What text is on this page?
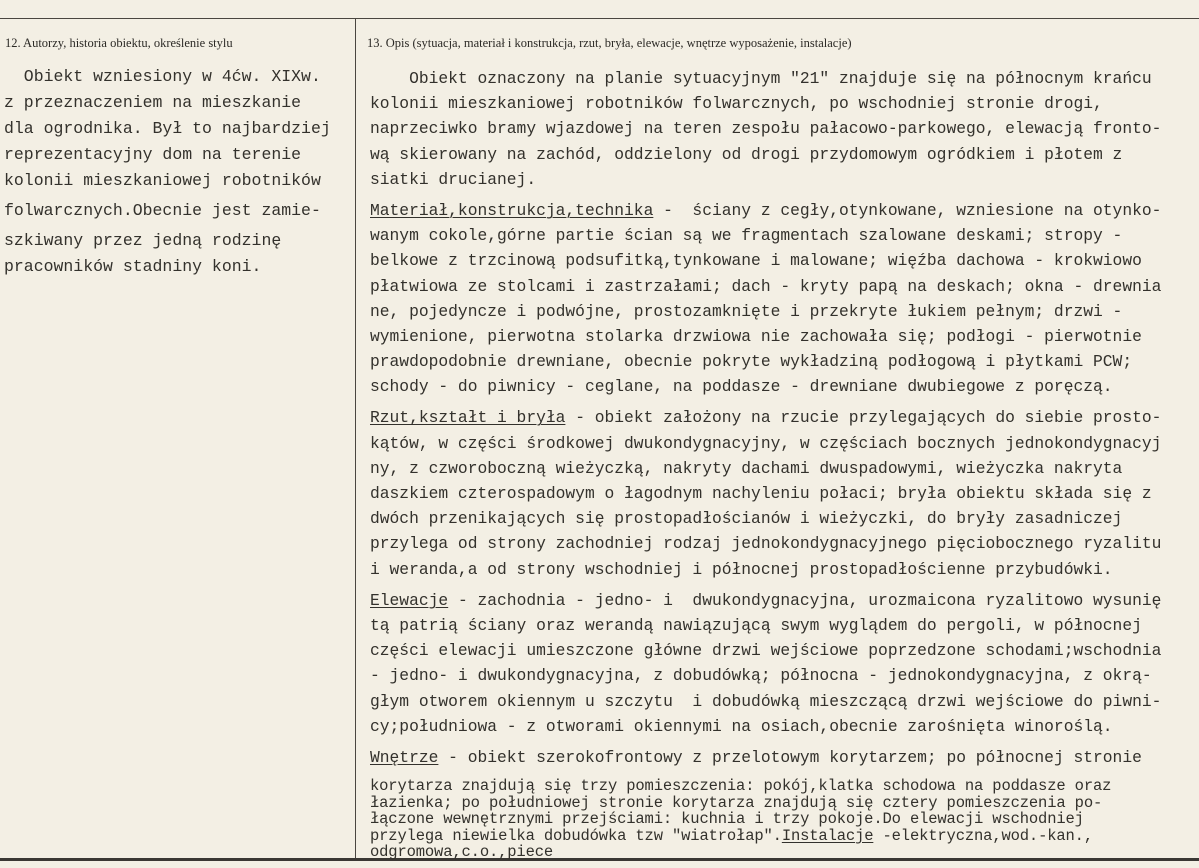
12. Autorzy, historia obiektu, określenie stylu	13. Opis (sytuacja, materiał i konstrukcja, rzut, bryła, elewacje, wnętrze wyposażenie, instalacje)
Obiekt wzniesiony w 4ćw. XIXw.
z przeznaczeniem na mieszkanie
dla ogrodnika. Był to najbardziej
reprezentacyjny dom na terenie
kolonii mieszkaniowej robotników
folwarcznych.Obecnie jest zamie-
szkiwany przez jedną rodzinę
pracowników stadniny koni.
Obiekt oznaczony na planie sytuacyjnym "21" znajduje się na północnym krańcu
kolonii mieszkaniowej robotników folwarcznych, po wschodniej stronie drogi,
naprzeciwko bramy wjazdowej na teren zespołu pałacowo-parkowego, elewacją fronto-
wą skierowany na zachód, oddzielony od drogi przydomowym ogródkiem i płotem z
siatki drucianej.
Materiał,konstrukcja,technika -  ściany z cegły,otynkowane, wzniesione na otynko-
wanym cokole,górne partie ścian są we fragmentach szalowane deskami; stropy -
belkowe z trzcinową podsufitką,tynkowane i malowane; więźba dachowa - krokwiowo
płatwiowa ze stolcami i zastrzałami; dach - kryty papą na deskach; okna - drewnia
ne, pojedyncze i podwójne, prostozamknięte i przekryte łukiem pełnym; drzwi -
wymienione, pierwotna stolarka drzwiowa nie zachowała się; podłogi - pierwotnie
prawdopodobnie drewniane, obecnie pokryte wykładziną podłogową i płytkami PCW;
schody - do piwnicy - ceglane, na poddasze - drewniane dwubiegowe z poręczą.
Rzut,kształt i bryła - obiekt założony na rzucie przylegających do siebie prosto-
kątów, w części środkowej dwukondygnacyjny, w częściach bocznych jednokondygnacyj
ny, z czworoboczną wieżyczką, nakryty dachami dwuspadowymi, wieżyczka nakryta
daszkiem czterospadowym o łagodnym nachyleniu połaci; bryła obiektu składa się z
dwóch przenikających się prostopadłościanów i wieżyczki, do bryły zasadniczej
przylega od strony zachodniej rodzaj jednokondygnacyjnego pięciobocznego ryzalitu
i weranda,a od strony wschodniej i północnej prostopadłościenne przybudówki.
Elewacje - zachodnia - jedno- i  dwukondygnacyjna, urozmaicona ryzalitowo wysunię
tą patrią ściany oraz werandą nawiązującą swym wyglądem do pergoli, w północnej
części elewacji umieszczone główne drzwi wejściowe poprzedzone schodami;wschodnia
- jedno- i dwukondygnacyjna, z dobudówką; północna - jednokondygnacyjna, z okrą-
głym otworem okiennym u szczytu  i dobudówką mieszczącą drzwi wejściowe do piwni-
cy;południowa - z otworami okiennymi na osiach,obecnie zarośnięta winoroślą.
Wnętrze - obiekt szerokofrontowy z przelotowym korytarzem; po północnej stronie
korytarza znajdują się trzy pomieszczenia: pokój,klatka schodowa na poddasze oraz
łazienka; po południowej stronie korytarza znajdują się cztery pomieszczenia po-
łączone wewnętrznymi przejściami: kuchnia i trzy pokoje.Do elewacji wschodniej
przylega niewielka dobudówka tzw "wiatrołap".Instalacje -elektryczna,wod.-kan.,
odgromowa,c.o.,piece
